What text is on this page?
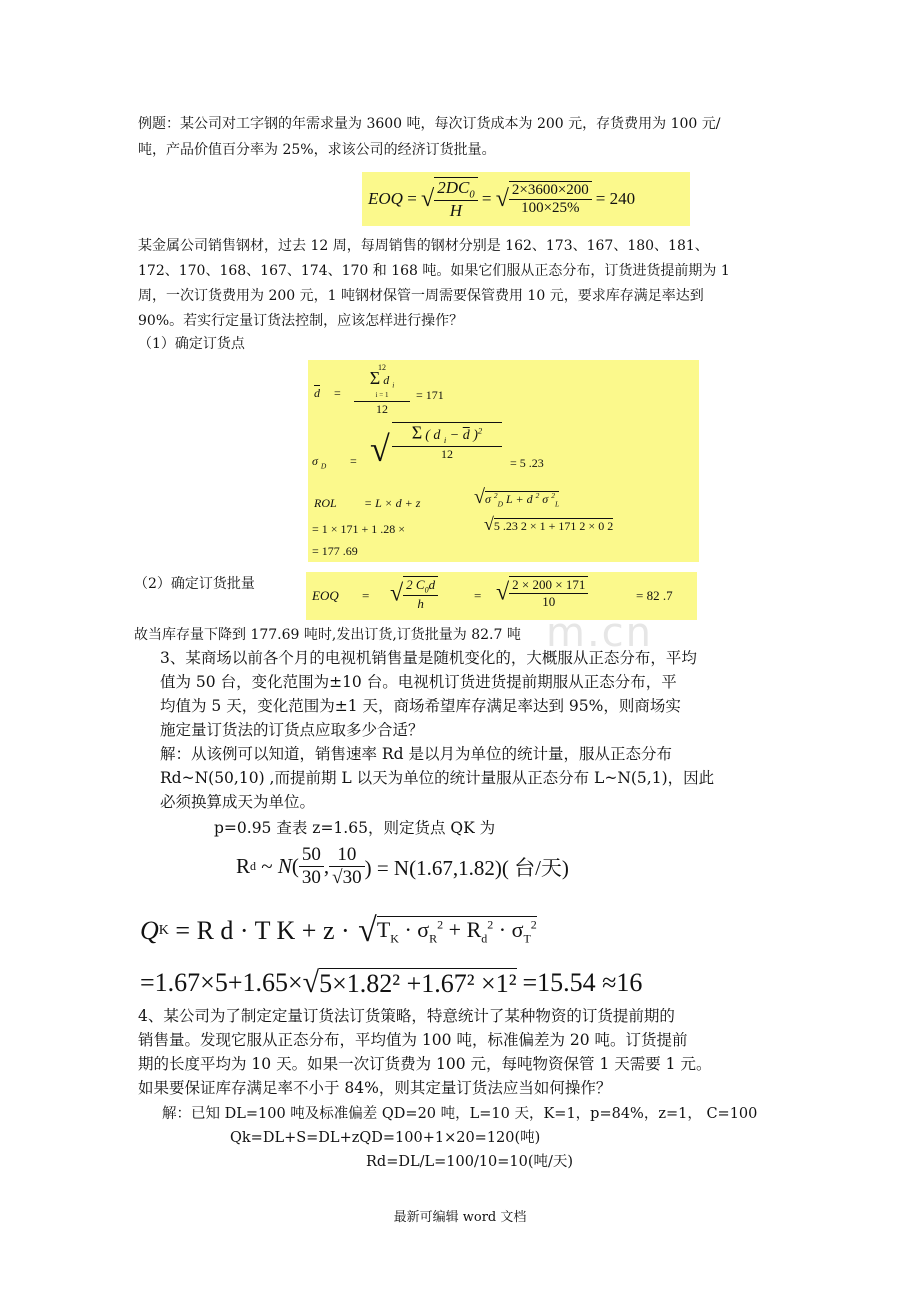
例题：某公司对工字钢的年需求量为 3600 吨，每次订货成本为 200 元，存货费用为 100 元/
吨，产品价值百分率为 25%，求该公司的经济订货批量。
EOQ = √ $\frac{2DC_0}{H}$ = √ $\frac{2\times 3600\times 200}{100\times 25\%} = 240$
某金属公司销售钢材，过去 12 周，每周销售的钢材分别是 162、173、167、180、181、
172、170、168、167、174、170 和 168 吨。如果它们服从正态分布，订货进货提前期为 1
周，一次订货费用为 200 元，1 吨钢材保管一周需要保管费用 10 元，要求库存满足率达到
90%。若实行定量订货法控制，应该怎样进行操作？
（1）确定订货点
$\overline{d} = 12$
Σ d $_i$
i = 1
12 = 171
σ $_D$ = √ $\frac{\Sigma ( d _i - \overline{d} )^2}{12}$
= 5 .23
ROL = L × d + z	√σ $^2_D$ $\overline{L} + \overline{d}$ $^2$ σ $^2_L$
= 1 × 171 + 1 .28 ×	√5 .23 2 × 1 + 171 2 × 0 2
= 177 .69
（2）确定订货批量
EOQ = √ $\frac{2 C_0\overline{d}}{h}$	= √ $\frac{2 \times 200 \times 171}{10}$	= 82 .7
m.cn
故当库存量下降到 177.69 吨时,发出订货,订货批量为 82.7 吨
3、某商场以前各个月的电视机销售量是随机变化的，大概服从正态分布，平均
值为 50 台，变化范围为±10 台。电视机订货进货提前期服从正态分布，平
均值为 5 天，变化范围为±1 天，商场希望库存满足率达到 95%，则商场实
施定量订货法的订货点应取多少合适？
解：从该例可以知道，销售速率 Rd 是以月为单位的统计量，服从正态分布
Rd~N(50,10) ,而提前期 L 以天为单位的统计量服从正态分布 L~N(5,1)，因此
必须换算成天为单位。
p=0.95 查表 z=1.65，则定货点 QK 为
R d ~ $N( \frac{50}{30}$ , $\frac{10}{√30}$ ) = N(1.67,1.82)( 台/天)
Q K
= R d · T K + z · √ $T_K \cdot \sigma_R^2 + R_d^2 \cdot \sigma_T^2$
=1.67×5+1.65× √ 5×1.82² +1.67² ×1² =15.54 ≈16
4、某公司为了制定定量订货法订货策略，特意统计了某种物资的订货提前期的
销售量。发现它服从正态分布，平均值为 100 吨，标准偏差为 20 吨。订货提前
期的长度平均为 10 天。如果一次订货费为 100 元，每吨物资保管 1 天需要 1 元。
如果要保证库存满足率不小于 84%，则其定量订货法应当如何操作？
解：已知 DL=100 吨及标准偏差 QD=20 吨，L=10 天，K=1，p=84%，z=1， C=100
Qk=DL+S=DL+zQD=100+1×20=120(吨)
Rd=DL/L=100/10=10(吨/天)
最新可编辑 word 文档
